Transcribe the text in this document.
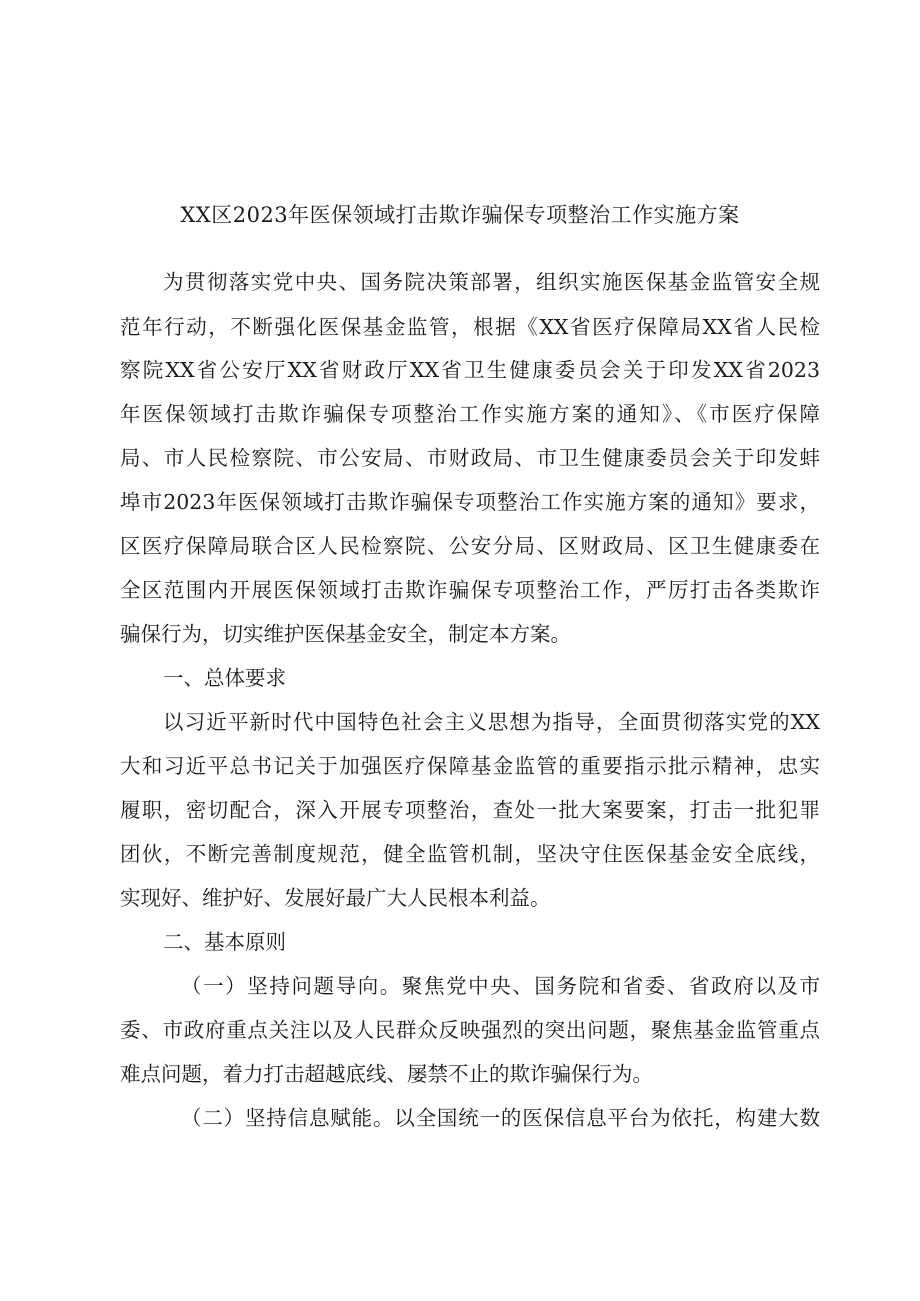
XX区2023年医保领域打击欺诈骗保专项整治工作实施方案
为贯彻落实党中央、国务院决策部署，组织实施医保基金监管安全规
范年行动，不断强化医保基金监管，根据《XX省医疗保障局XX省人民检
察院XX省公安厅XX省财政厅XX省卫生健康委员会关于印发XX省2023
年医保领域打击欺诈骗保专项整治工作实施方案的通知》、《市医疗保障
局、市人民检察院、市公安局、市财政局、市卫生健康委员会关于印发蚌
埠市2023年医保领域打击欺诈骗保专项整治工作实施方案的通知》要求，
区医疗保障局联合区人民检察院、公安分局、区财政局、区卫生健康委在
全区范围内开展医保领域打击欺诈骗保专项整治工作，严厉打击各类欺诈
骗保行为，切实维护医保基金安全，制定本方案。
一、总体要求
以习近平新时代中国特色社会主义思想为指导，全面贯彻落实党的XX
大和习近平总书记关于加强医疗保障基金监管的重要指示批示精神，忠实
履职，密切配合，深入开展专项整治，查处一批大案要案，打击一批犯罪
团伙，不断完善制度规范，健全监管机制，坚决守住医保基金安全底线，
实现好、维护好、发展好最广大人民根本利益。
二、基本原则
（一）坚持问题导向。聚焦党中央、国务院和省委、省政府以及市
委、市政府重点关注以及人民群众反映强烈的突出问题，聚焦基金监管重点
难点问题，着力打击超越底线、屡禁不止的欺诈骗保行为。
（二）坚持信息赋能。以全国统一的医保信息平台为依托，构建大数
